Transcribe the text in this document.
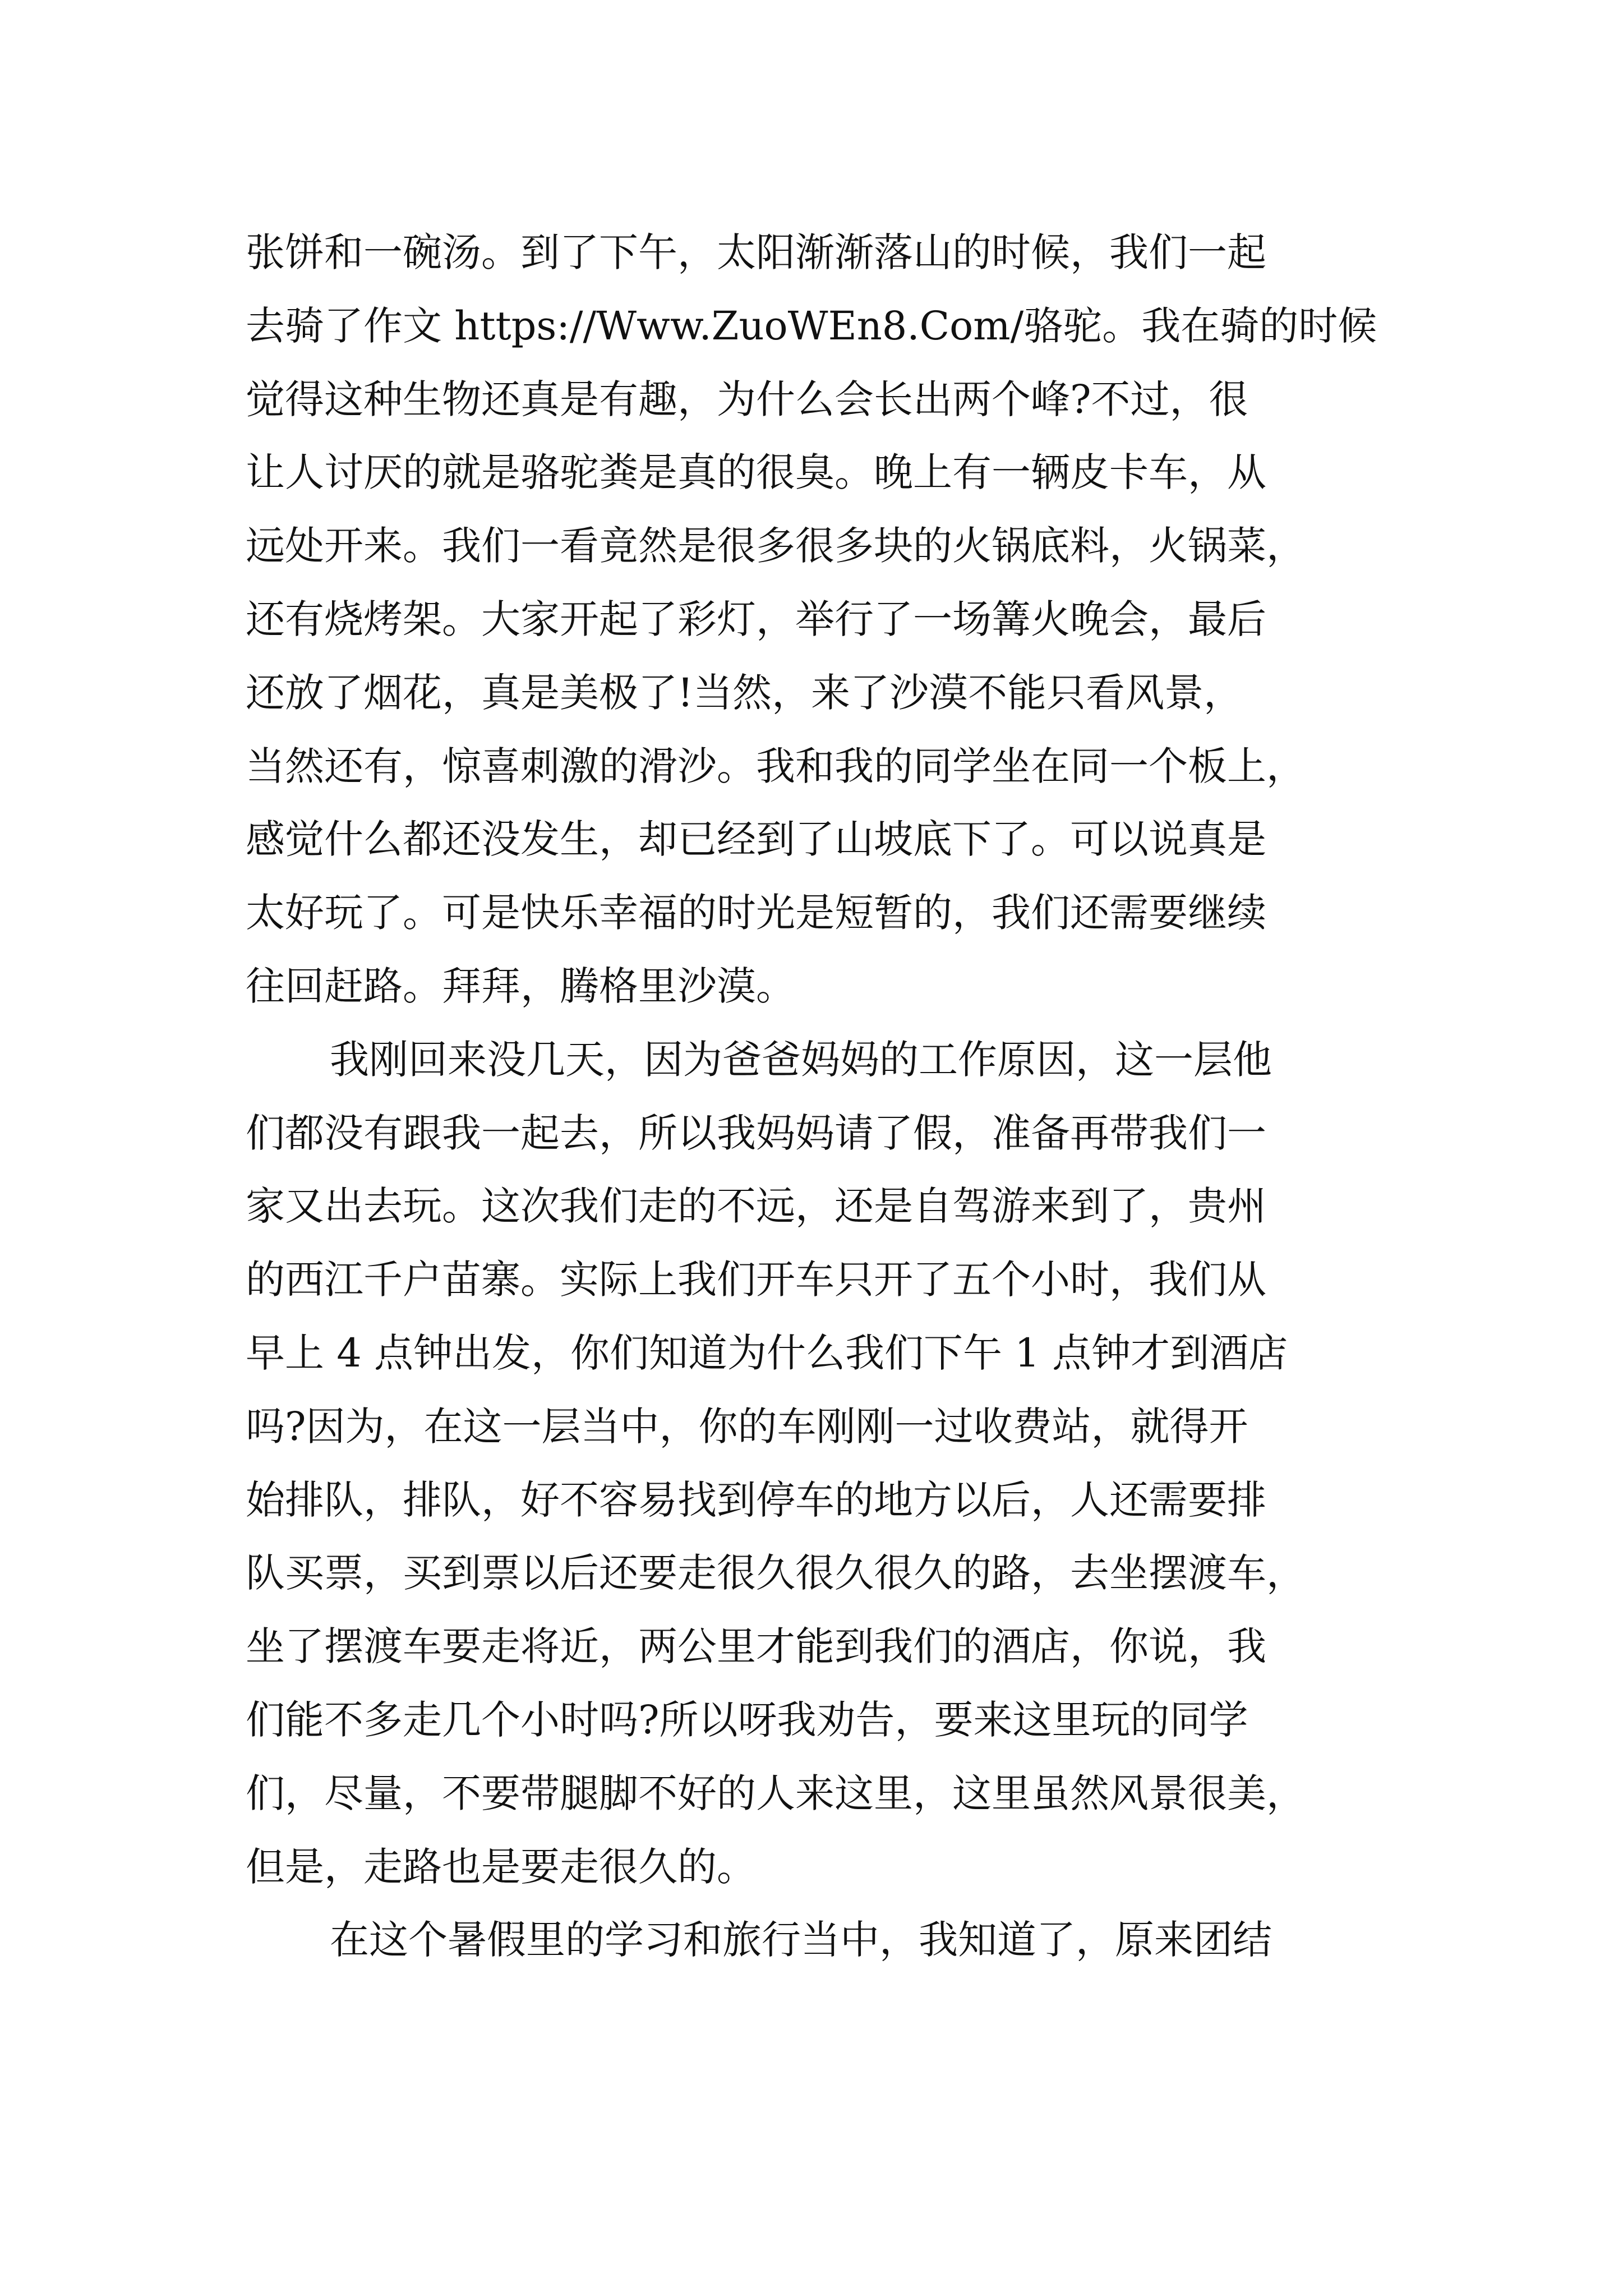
张饼和一碗汤。到了下午，太阳渐渐落山的时候，我们一起
去骑了作文 https://Www.ZuoWEn8.Com/骆驼。我在骑的时候
觉得这种生物还真是有趣，为什么会长出两个峰?不过，很
让人讨厌的就是骆驼粪是真的很臭。晚上有一辆皮卡车，从
远处开来。我们一看竟然是很多很多块的火锅底料，火锅菜，
还有烧烤架。大家开起了彩灯，举行了一场篝火晚会，最后
还放了烟花，真是美极了!当然，来了沙漠不能只看风景，
当然还有，惊喜刺激的滑沙。我和我的同学坐在同一个板上，
感觉什么都还没发生，却已经到了山坡底下了。可以说真是
太好玩了。可是快乐幸福的时光是短暂的，我们还需要继续
往回赶路。拜拜，腾格里沙漠。
我刚回来没几天，因为爸爸妈妈的工作原因，这一层他
们都没有跟我一起去，所以我妈妈请了假，准备再带我们一
家又出去玩。这次我们走的不远，还是自驾游来到了，贵州
的西江千户苗寨。实际上我们开车只开了五个小时，我们从
早上 4 点钟出发，你们知道为什么我们下午 1 点钟才到酒店
吗?因为，在这一层当中，你的车刚刚一过收费站，就得开
始排队，排队，好不容易找到停车的地方以后，人还需要排
队买票，买到票以后还要走很久很久很久的路，去坐摆渡车，
坐了摆渡车要走将近，两公里才能到我们的酒店，你说，我
们能不多走几个小时吗?所以呀我劝告，要来这里玩的同学
们，尽量，不要带腿脚不好的人来这里，这里虽然风景很美，
但是，走路也是要走很久的。
在这个暑假里的学习和旅行当中，我知道了，原来团结
